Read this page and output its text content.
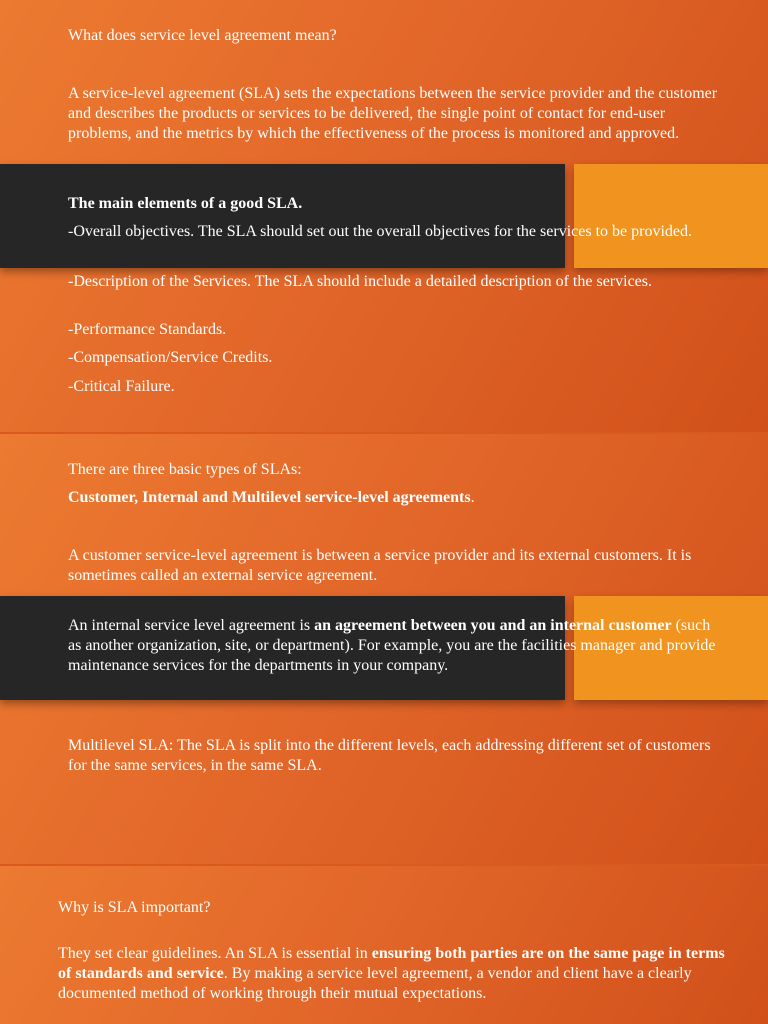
What does service level agreement mean?

A service-level agreement (SLA) sets the expectations between the service provider and the customer and describes the products or services to be delivered, the single point of contact for end-user problems, and the metrics by which the effectiveness of the process is monitored and approved.

The main elements of a good SLA.

-Overall objectives. The SLA should set out the overall objectives for the services to be provided.

-Description of the Services. The SLA should include a detailed description of the services.

-Performance Standards.

-Compensation/Service Credits.

-Critical Failure.

There are three basic types of SLAs:

Customer, Internal and Multilevel service-level agreements.

A customer service-level agreement is between a service provider and its external customers. It is sometimes called an external service agreement.

An internal service level agreement is an agreement between you and an internal customer (such as another organization, site, or department). For example, you are the facilities manager and provide maintenance services for the departments in your company.

Multilevel SLA: The SLA is split into the different levels, each addressing different set of customers for the same services, in the same SLA.

Why is SLA important?

They set clear guidelines. An SLA is essential in ensuring both parties are on the same page in terms of standards and service. By making a service level agreement, a vendor and client have a clearly documented method of working through their mutual expectations.
